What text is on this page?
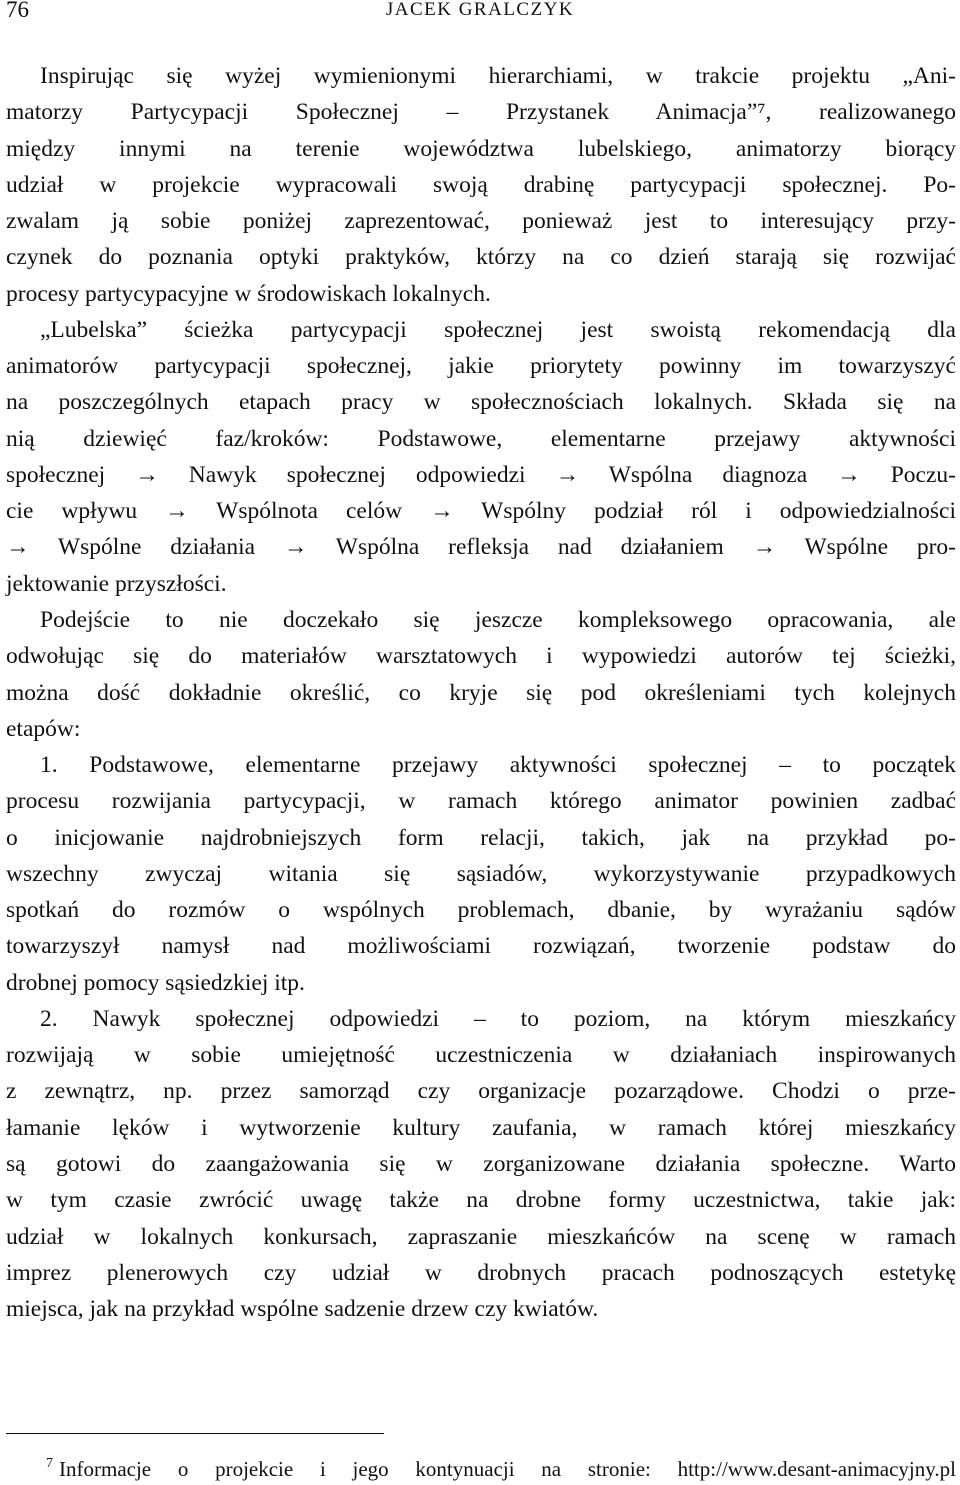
76	JACEK GRALCZYK
Inspirując się wyżej wymienionymi hierarchiami, w trakcie projektu „Ani-
matorzy Partycypacji Społecznej – Przystanek Animacja”⁷, realizowanego
między innymi na terenie województwa lubelskiego, animatorzy biorący
udział w projekcie wypracowali swoją drabinę partycypacji społecznej. Po-
zwalam ją sobie poniżej zaprezentować, ponieważ jest to interesujący przy-
czynek do poznania optyki praktyków, którzy na co dzień starają się rozwijać
procesy partycypacyjne w środowiskach lokalnych.
„Lubelska” ścieżka partycypacji społecznej jest swoistą rekomendacją dla
animatorów partycypacji społecznej, jakie priorytety powinny im towarzyszyć
na poszczególnych etapach pracy w społecznościach lokalnych. Składa się na
nią dziewięć faz/kroków: Podstawowe, elementarne przejawy aktywności
społecznej → Nawyk społecznej odpowiedzi → Wspólna diagnoza → Poczu-
cie wpływu → Wspólnota celów → Wspólny podział ról i odpowiedzialności
→ Wspólne działania → Wspólna refleksja nad działaniem → Wspólne pro-
jektowanie przyszłości.
Podejście to nie doczekało się jeszcze kompleksowego opracowania, ale
odwołując się do materiałów warsztatowych i wypowiedzi autorów tej ścieżki,
można dość dokładnie określić, co kryje się pod określeniami tych kolejnych
etapów:
1. Podstawowe, elementarne przejawy aktywności społecznej – to początek
procesu rozwijania partycypacji, w ramach którego animator powinien zadbać
o inicjowanie najdrobniejszych form relacji, takich, jak na przykład po-
wszechny zwyczaj witania się sąsiadów, wykorzystywanie przypadkowych
spotkań do rozmów o wspólnych problemach, dbanie, by wyrażaniu sądów
towarzyszył namysł nad możliwościami rozwiązań, tworzenie podstaw do
drobnej pomocy sąsiedzkiej itp.
2. Nawyk społecznej odpowiedzi – to poziom, na którym mieszkańcy
rozwijają w sobie umiejętność uczestniczenia w działaniach inspirowanych
z zewnątrz, np. przez samorząd czy organizacje pozarządowe. Chodzi o prze-
łamanie lęków i wytworzenie kultury zaufania, w ramach której mieszkańcy
są gotowi do zaangażowania się w zorganizowane działania społeczne. Warto
w tym czasie zwrócić uwagę także na drobne formy uczestnictwa, takie jak:
udział w lokalnych konkursach, zapraszanie mieszkańców na scenę w ramach
imprez plenerowych czy udział w drobnych pracach podnoszących estetykę
miejsca, jak na przykład wspólne sadzenie drzew czy kwiatów.
$^7$ Informacje o projekcie i jego kontynuacji na stronie: http://www.desant-animacyjny.pl
